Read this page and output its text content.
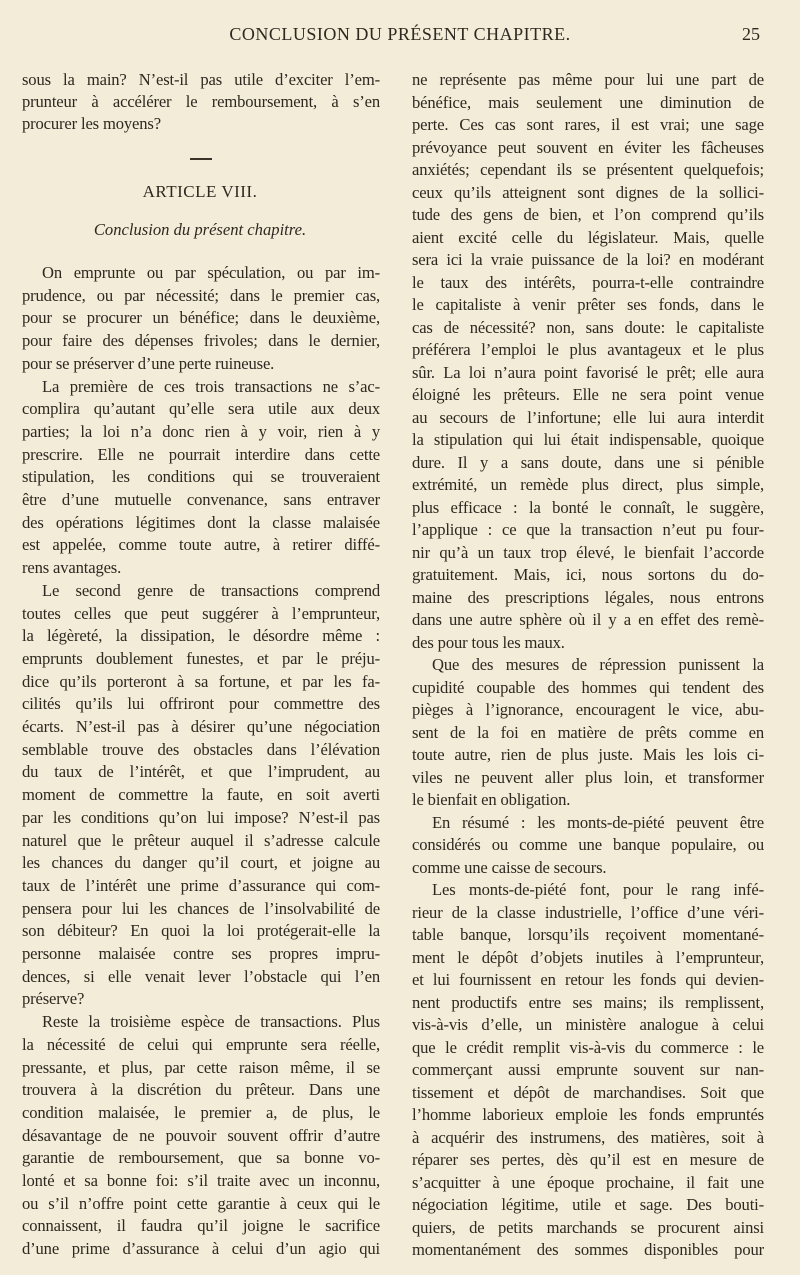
CONCLUSION DU PRÉSENT CHAPITRE.	25
sous la main? N’est-il pas utile d’exciter l’em-
prunteur à accélérer le remboursement, à s’en
procurer les moyens?
On emprunte ou par spéculation, ou par im-
prudence, ou par nécessité; dans le premier cas,
pour se procurer un bénéfice; dans le deuxième,
pour faire des dépenses frivoles; dans le dernier,
pour se préserver d’une perte ruineuse.
La première de ces trois transactions ne s’ac-
complira qu’autant qu’elle sera utile aux deux
parties; la loi n’a donc rien à y voir, rien à y
prescrire. Elle ne pourrait interdire dans cette
stipulation, les conditions qui se trouveraient
être d’une mutuelle convenance, sans entraver
des opérations légitimes dont la classe malaisée
est appelée, comme toute autre, à retirer diffé-
rens avantages.
Le second genre de transactions comprend
toutes celles que peut suggérer à l’emprunteur,
la légèreté, la dissipation, le désordre même :
emprunts doublement funestes, et par le préju-
dice qu’ils porteront à sa fortune, et par les fa-
cilités qu’ils lui offriront pour commettre des
écarts. N’est-il pas à désirer qu’une négociation
semblable trouve des obstacles dans l’élévation
du taux de l’intérêt, et que l’imprudent, au
moment de commettre la faute, en soit averti
par les conditions qu’on lui impose? N’est-il pas
naturel que le prêteur auquel il s’adresse calcule
les chances du danger qu’il court, et joigne au
taux de l’intérêt une prime d’assurance qui com-
pensera pour lui les chances de l’insolvabilité de
son débiteur? En quoi la loi protégerait-elle la
personne malaisée contre ses propres impru-
dences, si elle venait lever l’obstacle qui l’en
préserve?
Reste la troisième espèce de transactions. Plus
la nécessité de celui qui emprunte sera réelle,
pressante, et plus, par cette raison même, il se
trouvera à la discrétion du prêteur. Dans une
condition malaisée, le premier a, de plus, le
désavantage de ne pouvoir souvent offrir d’autre
garantie de remboursement, que sa bonne vo-
lonté et sa bonne foi: s’il traite avec un inconnu,
ou s’il n’offre point cette garantie à ceux qui le
connaissent, il faudra qu’il joigne le sacrifice
d’une prime d’assurance à celui d’un agio qui
ARTICLE VIII.
Conclusion du présent chapitre.
ne représente pas même pour lui une part de
bénéfice, mais seulement une diminution de
perte. Ces cas sont rares, il est vrai; une sage
prévoyance peut souvent en éviter les fâcheuses
anxiétés; cependant ils se présentent quelquefois;
ceux qu’ils atteignent sont dignes de la sollici-
tude des gens de bien, et l’on comprend qu’ils
aient excité celle du législateur. Mais, quelle
sera ici la vraie puissance de la loi? en modérant
le taux des intérêts, pourra-t-elle contraindre
le capitaliste à venir prêter ses fonds, dans le
cas de nécessité? non, sans doute: le capitaliste
préférera l’emploi le plus avantageux et le plus
sûr. La loi n’aura point favorisé le prêt; elle aura
éloigné les prêteurs. Elle ne sera point venue
au secours de l’infortune; elle lui aura interdit
la stipulation qui lui était indispensable, quoique
dure. Il y a sans doute, dans une si pénible
extrémité, un remède plus direct, plus simple,
plus efficace : la bonté le connaît, le suggère,
l’applique : ce que la transaction n’eut pu four-
nir qu’à un taux trop élevé, le bienfait l’accorde
gratuitement. Mais, ici, nous sortons du do-
maine des prescriptions légales, nous entrons
dans une autre sphère où il y a en effet des remè-
des pour tous les maux.
Que des mesures de répression punissent la
cupidité coupable des hommes qui tendent des
pièges à l’ignorance, encouragent le vice, abu-
sent de la foi en matière de prêts comme en
toute autre, rien de plus juste. Mais les lois ci-
viles ne peuvent aller plus loin, et transformer
le bienfait en obligation.
En résumé : les monts-de-piété peuvent être
considérés ou comme une banque populaire, ou
comme une caisse de secours.
Les monts-de-piété font, pour le rang infé-
rieur de la classe industrielle, l’office d’une véri-
table banque, lorsqu’ils reçoivent momentané-
ment le dépôt d’objets inutiles à l’emprunteur,
et lui fournissent en retour les fonds qui devien-
nent productifs entre ses mains; ils remplissent,
vis-à-vis d’elle, un ministère analogue à celui
que le crédit remplit vis-à-vis du commerce : le
commerçant aussi emprunte souvent sur nan-
tissement et dépôt de marchandises. Soit que
l’homme laborieux emploie les fonds empruntés
à acquérir des instrumens, des matières, soit à
réparer ses pertes, dès qu’il est en mesure de
s’acquitter à une époque prochaine, il fait une
négociation légitime, utile et sage. Des bouti-
quiers, de petits marchands se procurent ainsi
momentanément des sommes disponibles pour
